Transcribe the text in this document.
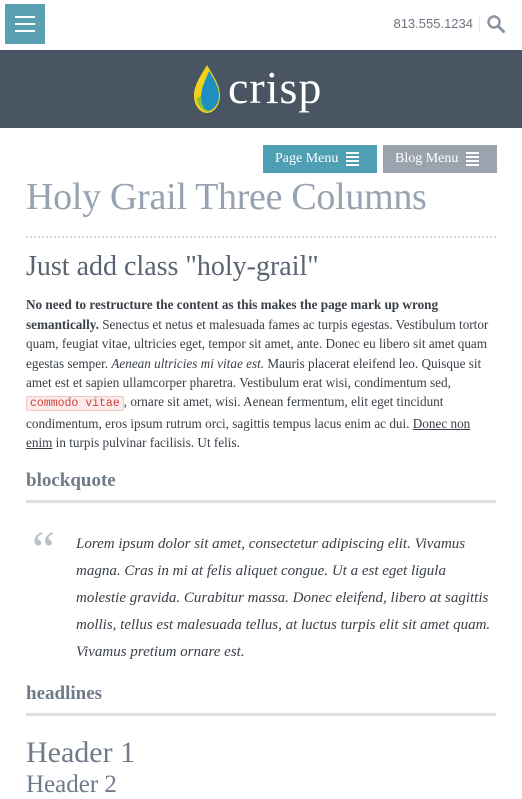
813.555.1234
crisp
Page Menu	Blog Menu
Holy Grail Three Columns
Just add class "holy-grail"

No need to restructure the content as this makes the page mark up wrong semantically. Senectus et netus et malesuada fames ac turpis egestas. Vestibulum tortor quam, feugiat vitae, ultricies eget, tempor sit amet, ante. Donec eu libero sit amet quam egestas semper. Aenean ultricies mi vitae est. Mauris placerat eleifend leo. Quisque sit amet est et sapien ullamcorper pharetra. Vestibulum erat wisi, condimentum sed, commodo vitae , ornare sit amet, wisi. Aenean fermentum, elit eget tincidunt condimentum, eros ipsum rutrum orci, sagittis tempus lacus enim ac dui. Donec non enim in turpis pulvinar facilisis. Ut felis.

blockquote
“ Lorem ipsum dolor sit amet, consectetur adipiscing elit. Vivamus magna. Cras in mi at felis aliquet congue. Ut a est eget ligula molestie gravida. Curabitur massa. Donec eleifend, libero at sagittis mollis, tellus est malesuada tellus, at luctus turpis elit sit amet quam. Vivamus pretium ornare est.

headlines
Header 1
Header 2
